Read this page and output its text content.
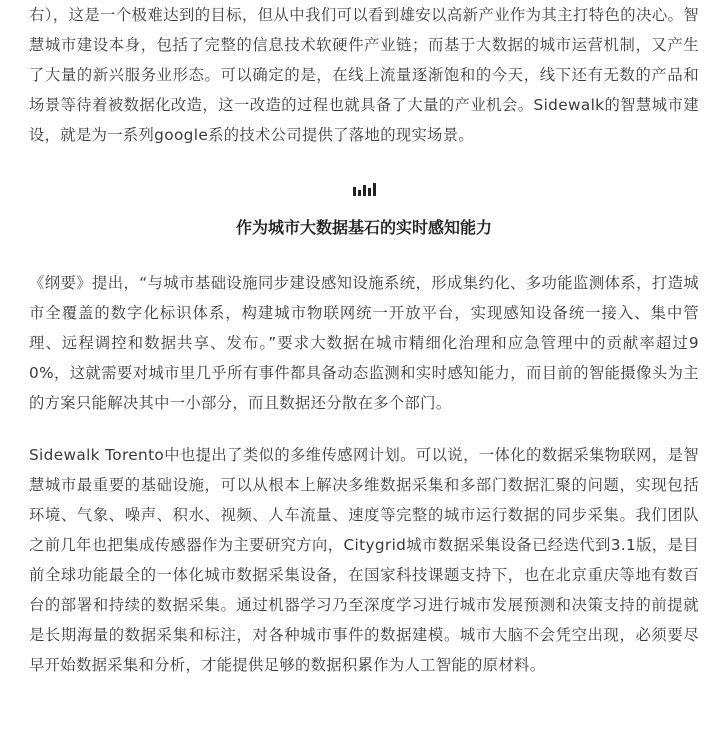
右），这是一个极难达到的目标，但从中我们可以看到雄安以高新产业作为其主打特色的决心。智慧城市建设本身，包括了完整的信息技术软硬件产业链；而基于大数据的城市运营机制，又产生了大量的新兴服务业形态。可以确定的是，在线上流量逐渐饱和的今天，线下还有无数的产品和场景等待着被数据化改造，这一改造的过程也就具备了大量的产业机会。Sidewalk的智慧城市建设，就是为一系列google系的技术公司提供了落地的现实场景。

作为城市大数据基石的实时感知能力

《纲要》提出，“与城市基础设施同步建设感知设施系统，形成集约化、多功能监测体系，打造城市全覆盖的数字化标识体系，构建城市物联网统一开放平台，实现感知设备统一接入、集中管理、远程调控和数据共享、发布。”要求大数据在城市精细化治理和应急管理中的贡献率超过90%，这就需要对城市里几乎所有事件都具备动态监测和实时感知能力，而目前的智能摄像头为主的方案只能解决其中一小部分，而且数据还分散在多个部门。

Sidewalk Torento中也提出了类似的多维传感网计划。可以说，一体化的数据采集物联网，是智慧城市最重要的基础设施，可以从根本上解决多维数据采集和多部门数据汇聚的问题，实现包括环境、气象、噪声、积水、视频、人车流量、速度等完整的城市运行数据的同步采集。我们团队之前几年也把集成传感器作为主要研究方向，Citygrid城市数据采集设备已经迭代到3.1版，是目前全球功能最全的一体化城市数据采集设备，在国家科技课题支持下，也在北京重庆等地有数百台的部署和持续的数据采集。通过机器学习乃至深度学习进行城市发展预测和决策支持的前提就是长期海量的数据采集和标注，对各种城市事件的数据建模。城市大脑不会凭空出现，必须要尽早开始数据采集和分析，才能提供足够的数据积累作为人工智能的原材料。
